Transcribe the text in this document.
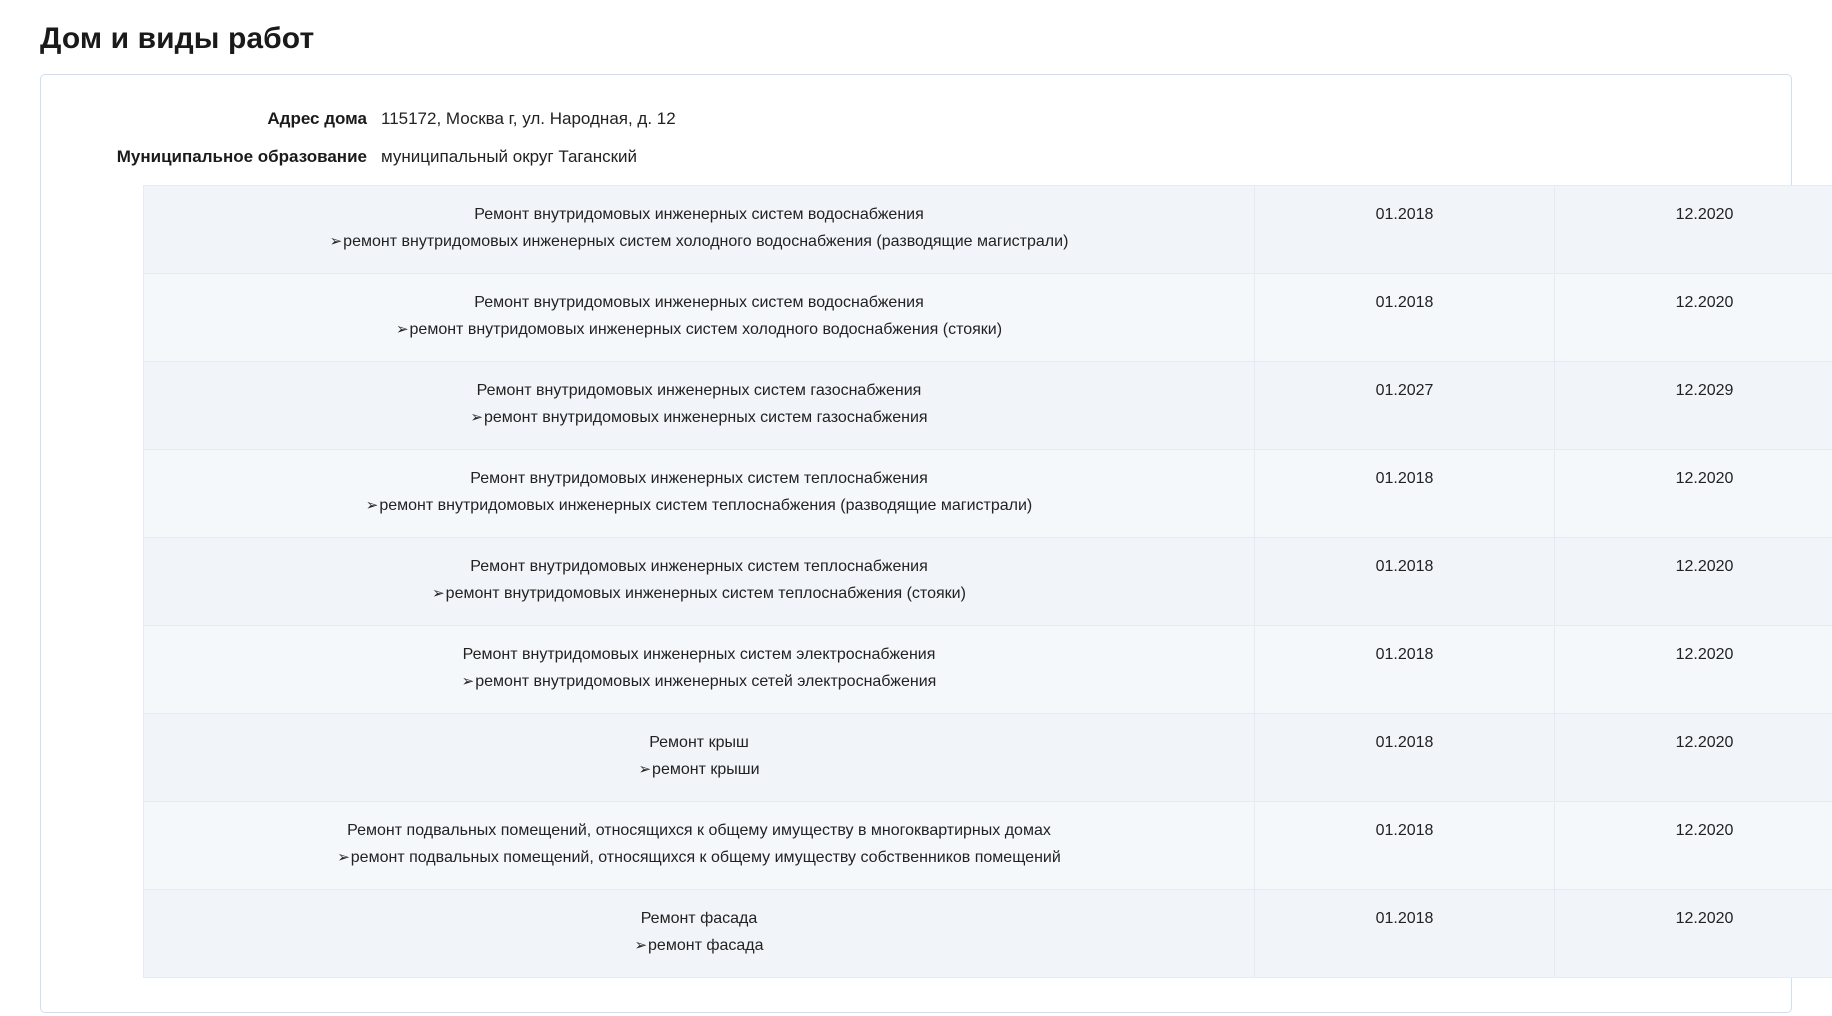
Дом и виды работ
Адрес дома 115172, Москва г, ул. Народная, д. 12
Муниципальное образование муниципальный округ Таганский
Ремонт внутридомовых инженерных систем водоснабжения
➢ремонт внутридомовых инженерных систем холодного водоснабжения (разводящие магистрали)	01.2018	12.2020

Ремонт внутридомовых инженерных систем водоснабжения
➢ремонт внутридомовых инженерных систем холодного водоснабжения (стояки)	01.2018	12.2020

Ремонт внутридомовых инженерных систем газоснабжения
➢ремонт внутридомовых инженерных систем газоснабжения	01.2027	12.2029

Ремонт внутридомовых инженерных систем теплоснабжения
➢ремонт внутридомовых инженерных систем теплоснабжения (разводящие магистрали)	01.2018	12.2020

Ремонт внутридомовых инженерных систем теплоснабжения
➢ремонт внутридомовых инженерных систем теплоснабжения (стояки)	01.2018	12.2020

Ремонт внутридомовых инженерных систем электроснабжения
➢ремонт внутридомовых инженерных сетей электроснабжения	01.2018	12.2020

Ремонт крыш
➢ремонт крыши	01.2018	12.2020

Ремонт подвальных помещений, относящихся к общему имуществу в многоквартирных домах
➢ремонт подвальных помещений, относящихся к общему имуществу собственников помещений	01.2018	12.2020

Ремонт фасада
➢ремонт фасада	01.2018	12.2020
